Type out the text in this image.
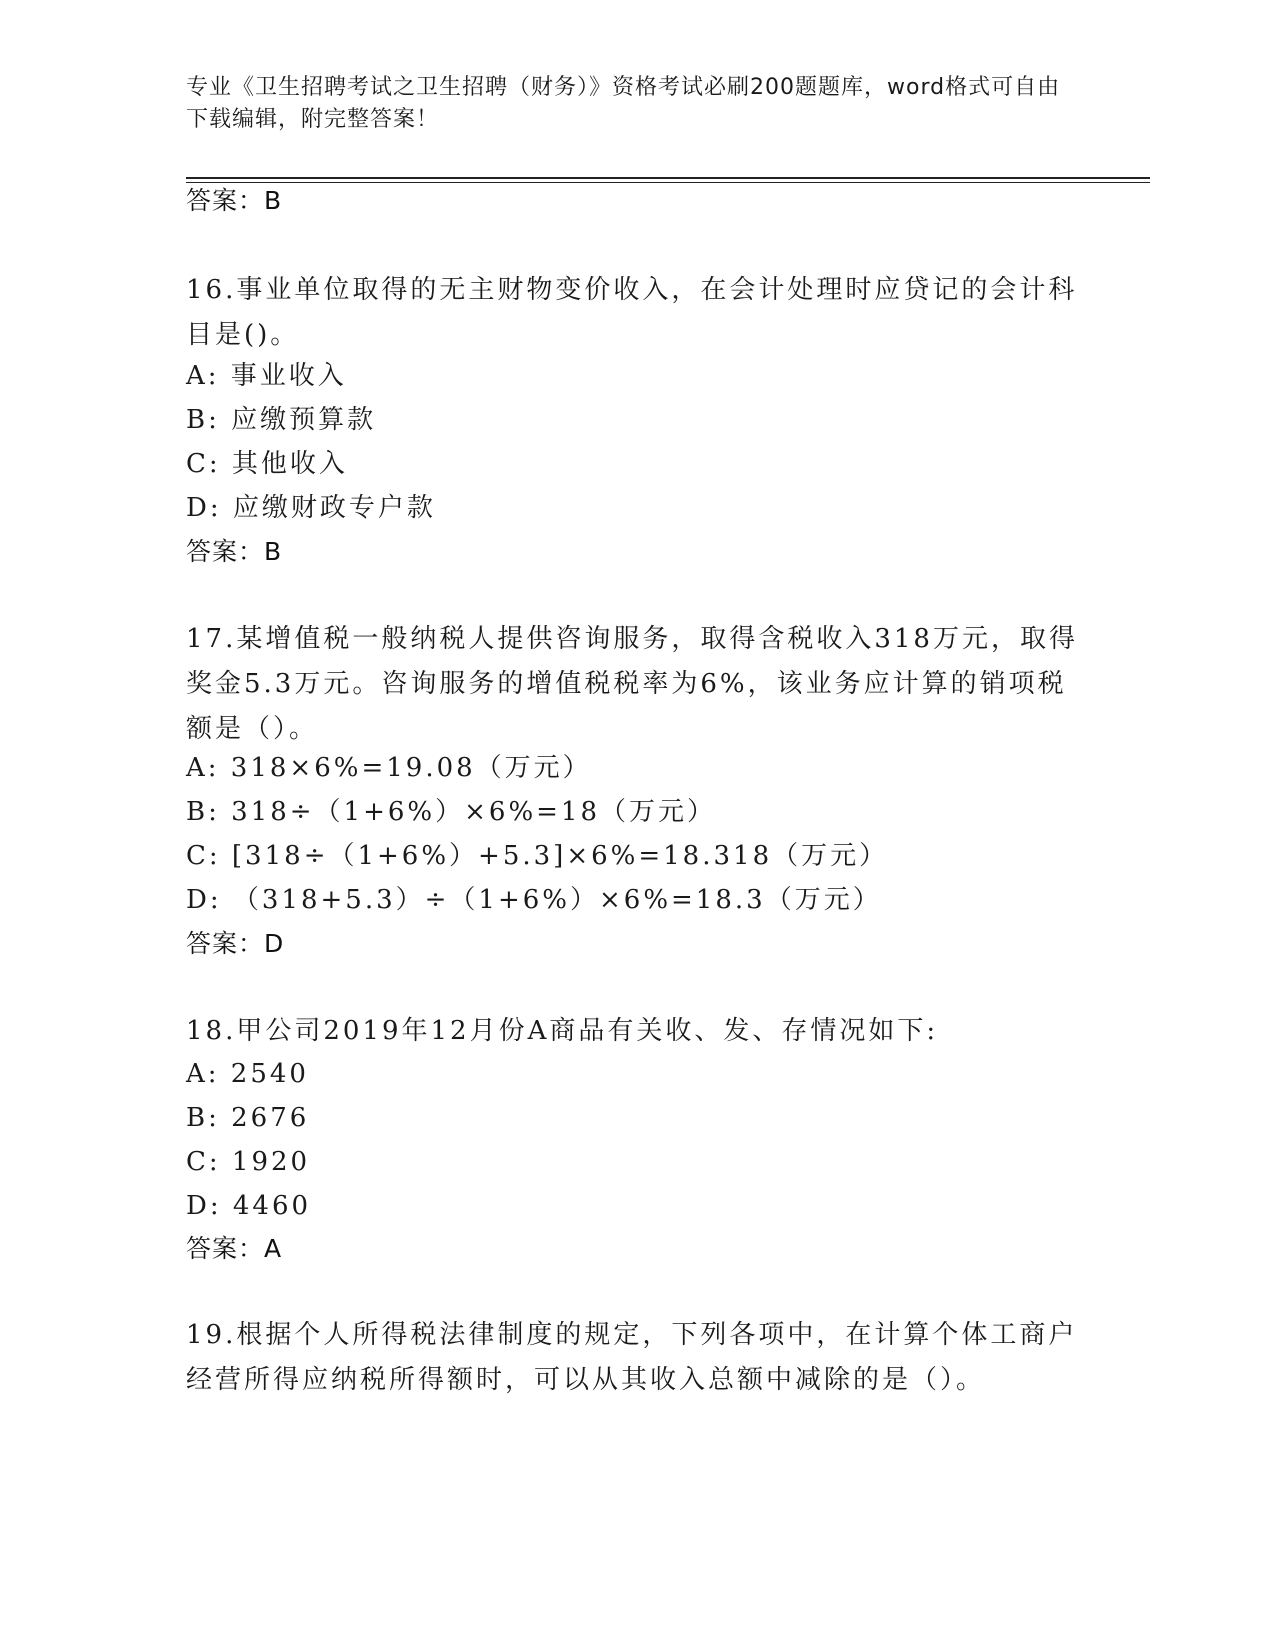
专业《卫生招聘考试之卫生招聘（财务）》资格考试必刷200题题库，word格式可自由下载编辑，附完整答案！
答案：B
16.事业单位取得的无主财物变价收入，在会计处理时应贷记的会计科目是()。
A: 事业收入
B: 应缴预算款
C: 其他收入
D: 应缴财政专户款
答案：B
17.某增值税一般纳税人提供咨询服务，取得含税收入318万元，取得奖金5.3万元。咨询服务的增值税税率为6%，该业务应计算的销项税额是（）。
A: 318×6%=19.08（万元）
B: 318÷（1+6%）×6%=18（万元）
C: [318÷（1+6%）+5.3]×6%=18.318（万元）
D: （318+5.3）÷（1+6%）×6%=18.3（万元）
答案：D
18.甲公司2019年12月份A商品有关收、发、存情况如下:
A: 2540
B: 2676
C: 1920
D: 4460
答案：A
19.根据个人所得税法律制度的规定，下列各项中，在计算个体工商户经营所得应纳税所得额时，可以从其收入总额中减除的是（）。
